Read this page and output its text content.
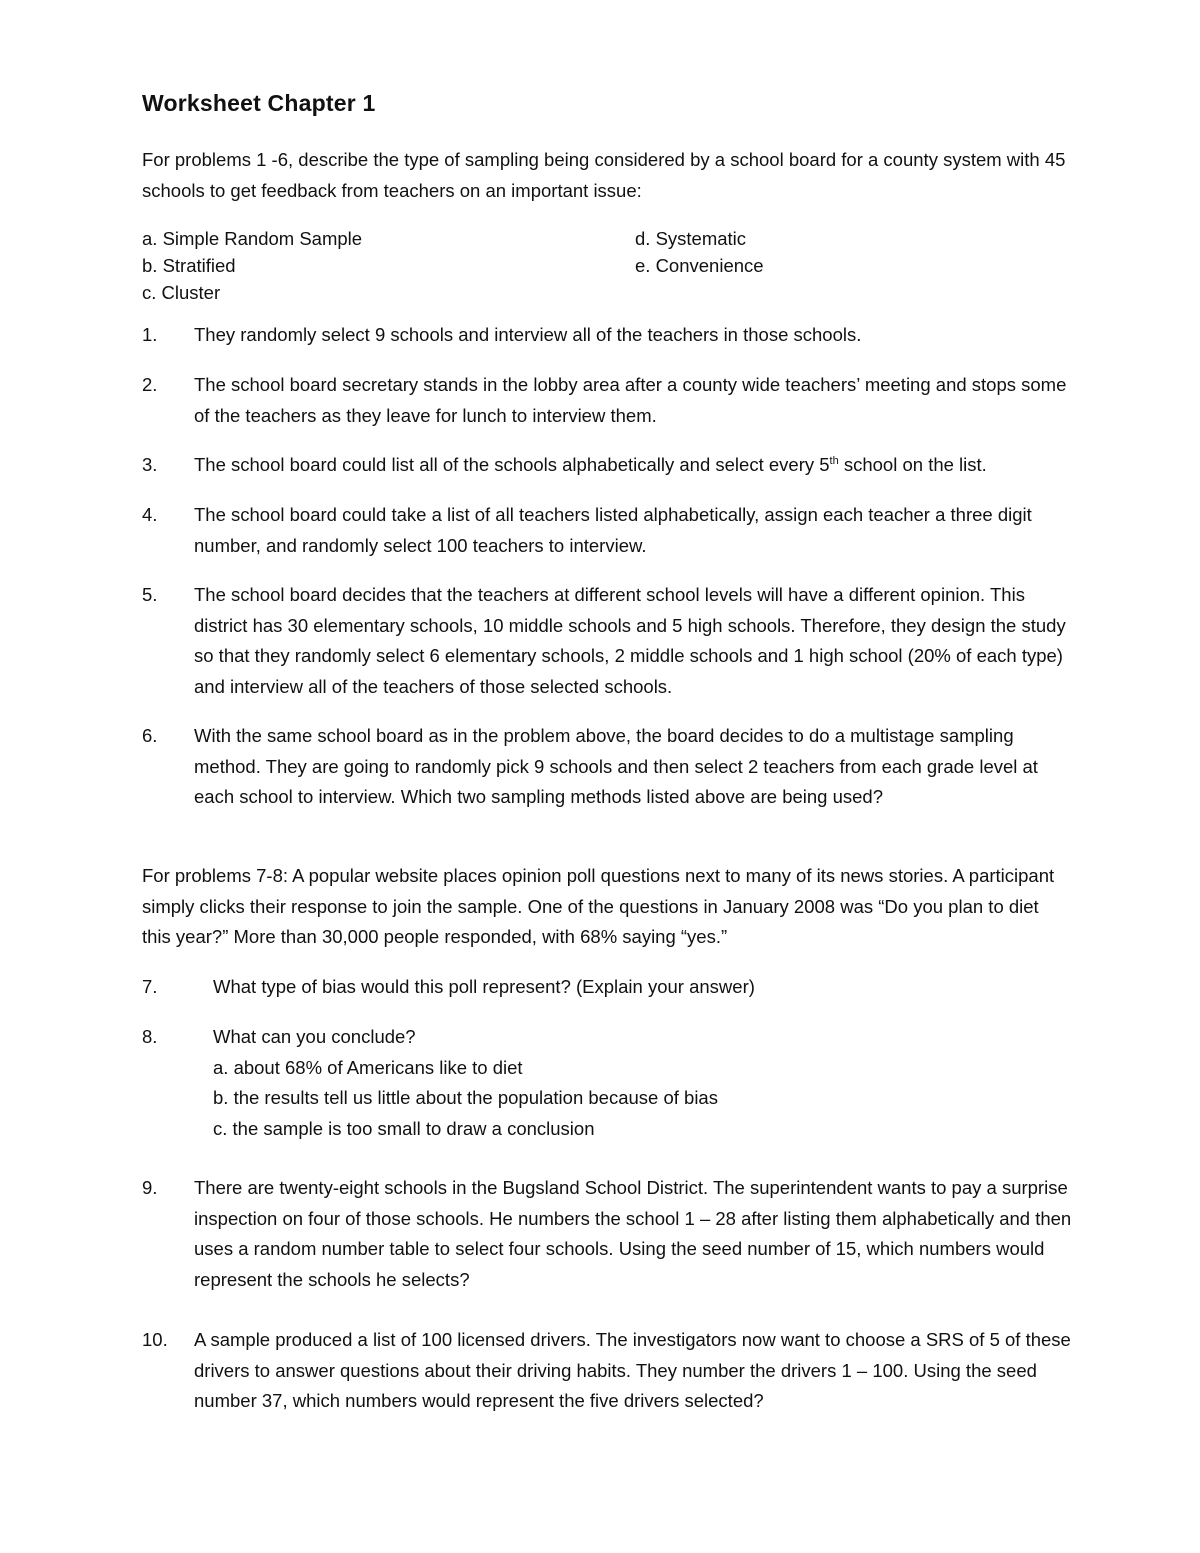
Worksheet Chapter 1

For problems 1 -6, describe the type of sampling being considered by a school board for a county system with 45 schools to get feedback from teachers on an important issue:

a. Simple Random Sample
b. Stratified
c. Cluster
d. Systematic
e. Convenience
1. They randomly select 9 schools and interview all of the teachers in those schools.
2. The school board secretary stands in the lobby area after a county wide teachers’ meeting and stops some of the teachers as they leave for lunch to interview them.
3. The school board could list all of the schools alphabetically and select every 5th school on the list.
4. The school board could take a list of all teachers listed alphabetically, assign each teacher a three digit number, and randomly select 100 teachers to interview.
5. The school board decides that the teachers at different school levels will have a different opinion. This district has 30 elementary schools, 10 middle schools and 5 high schools. Therefore, they design the study so that they randomly select 6 elementary schools, 2 middle schools and 1 high school (20% of each type) and interview all of the teachers of those selected schools.
6. With the same school board as in the problem above, the board decides to do a multistage sampling method. They are going to randomly pick 9 schools and then select 2 teachers from each grade level at each school to interview. Which two sampling methods listed above are being used?

For problems 7-8: A popular website places opinion poll questions next to many of its news stories. A participant simply clicks their response to join the sample. One of the questions in January 2008 was “Do you plan to diet this year?” More than 30,000 people responded, with 68% saying “yes.”

7.	What type of bias would this poll represent? (Explain your answer)
8.	What can you conclude?
a. about 68% of Americans like to diet
b. the results tell us little about the population because of bias
c. the sample is too small to draw a conclusion
9. There are twenty-eight schools in the Bugsland School District. The superintendent wants to pay a surprise inspection on four of those schools. He numbers the school 1 – 28 after listing them alphabetically and then uses a random number table to select four schools. Using the seed number of 15, which numbers would represent the schools he selects?
10. A sample produced a list of 100 licensed drivers. The investigators now want to choose a SRS of 5 of these drivers to answer questions about their driving habits. They number the drivers 1 – 100. Using the seed number 37, which numbers would represent the five drivers selected?
